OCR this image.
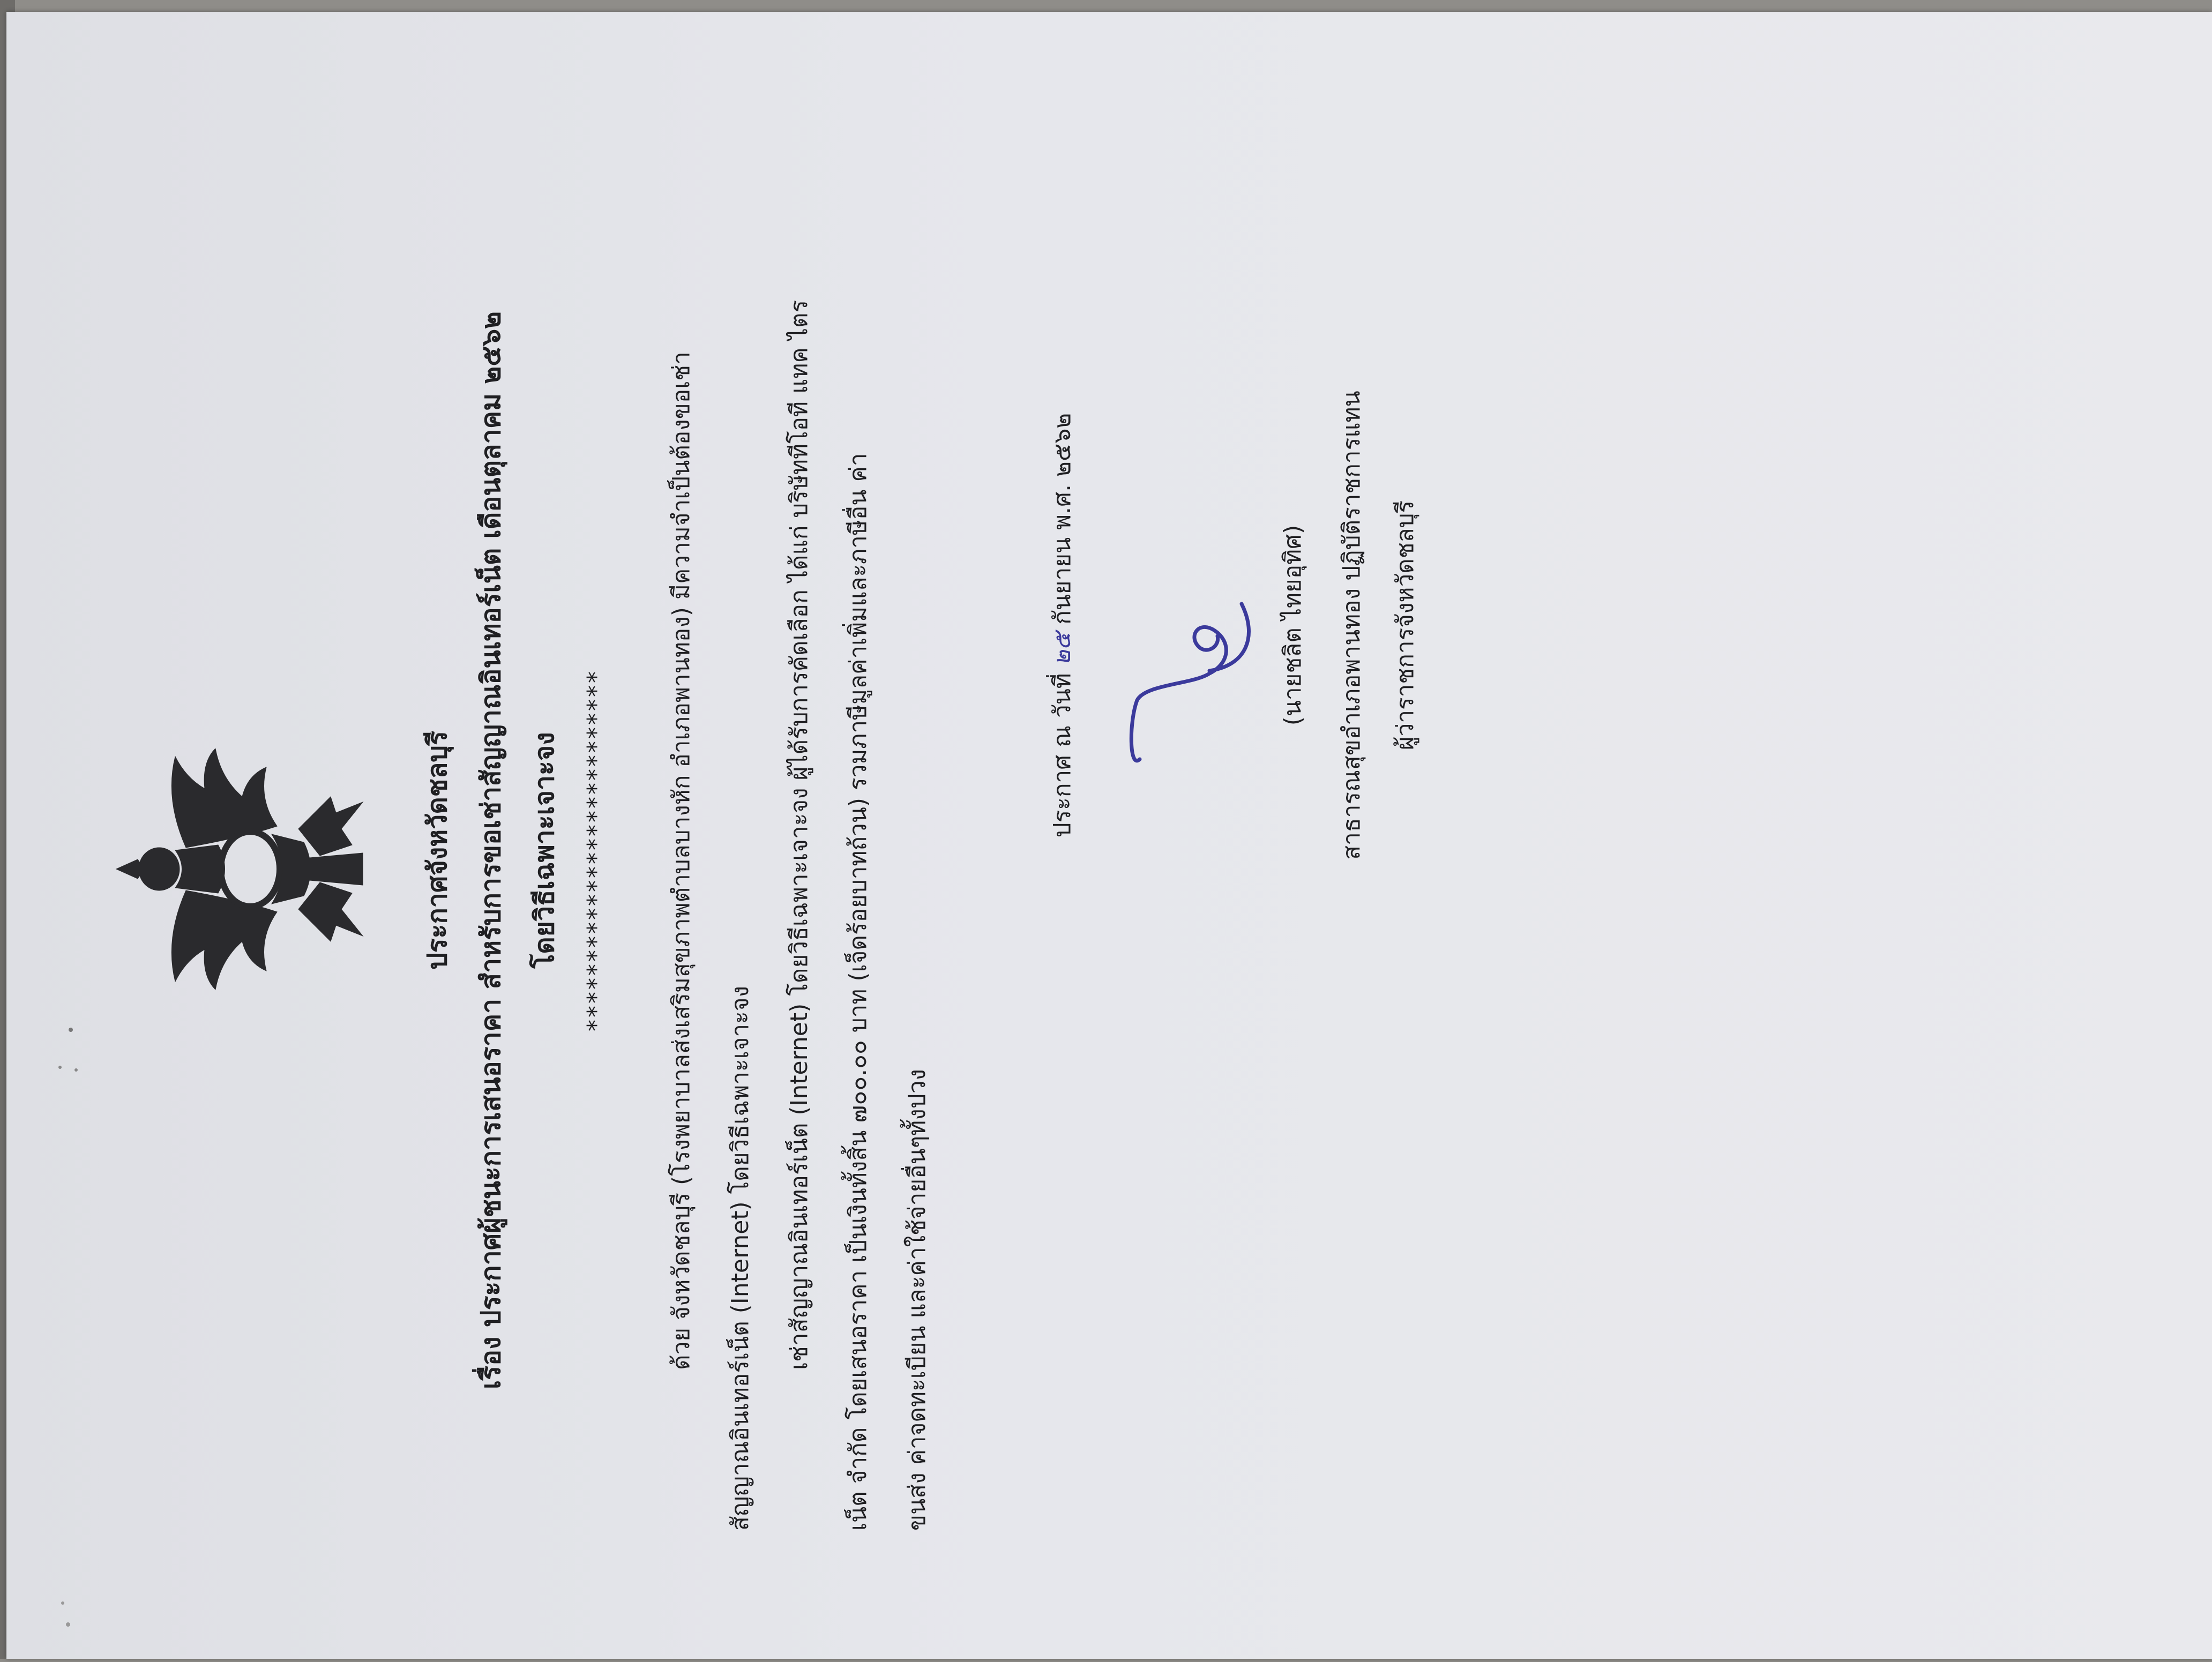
ประกาศจังหวัดชลบุรี เรื่อง ประกาศผู้ชนะการเสนอราคา สำหรับการขอเช่าสัญญาณอินเทอร์เน็ต เดือนตุลาคม ๒๕๖๒ โดยวิธีเฉพาะเจาะจง ************************** ด้วย จังหวัดชลบุรี (โรงพยาบาลส่งเสริมสุขภาพตำบลบางหัก อำเภอพานทอง) มีความจำเป็นต้องขอเช่า สัญญาณอินเทอร์เน็ต (Internet) โดยวิธีเฉพาะเจาะจง เช่าสัญญาณอินเทอร์เน็ต (Internet) โดยวิธีเฉพาะเจาะจง ผู้ได้รับการคัดเลือก ได้แก่ บริษัททีโอที แทค ไตร เน็ต จำกัด โดยเสนอราคา เป็นเงินทั้งสิ้น ๗๐๐.๐๐ บาท (เจ็ดร้อยบาทถ้วน) รวมภาษีมูลค่าเพิ่มและภาษีอื่น ค่า ขนส่ง ค่าจดทะเบียน และค่าใช้จ่ายอื่นๆทั้งปวง
ประกาศ ณ วันที่ ๒๕ กันยายน พ.ศ. ๒๕๖๒
(นายชลิต ไทยอุทิศ) สาธารณสุขอำเภอพานทอง ปฏิบัติราชการแทน ผู้ว่าราชการจังหวัดชลบุรี
